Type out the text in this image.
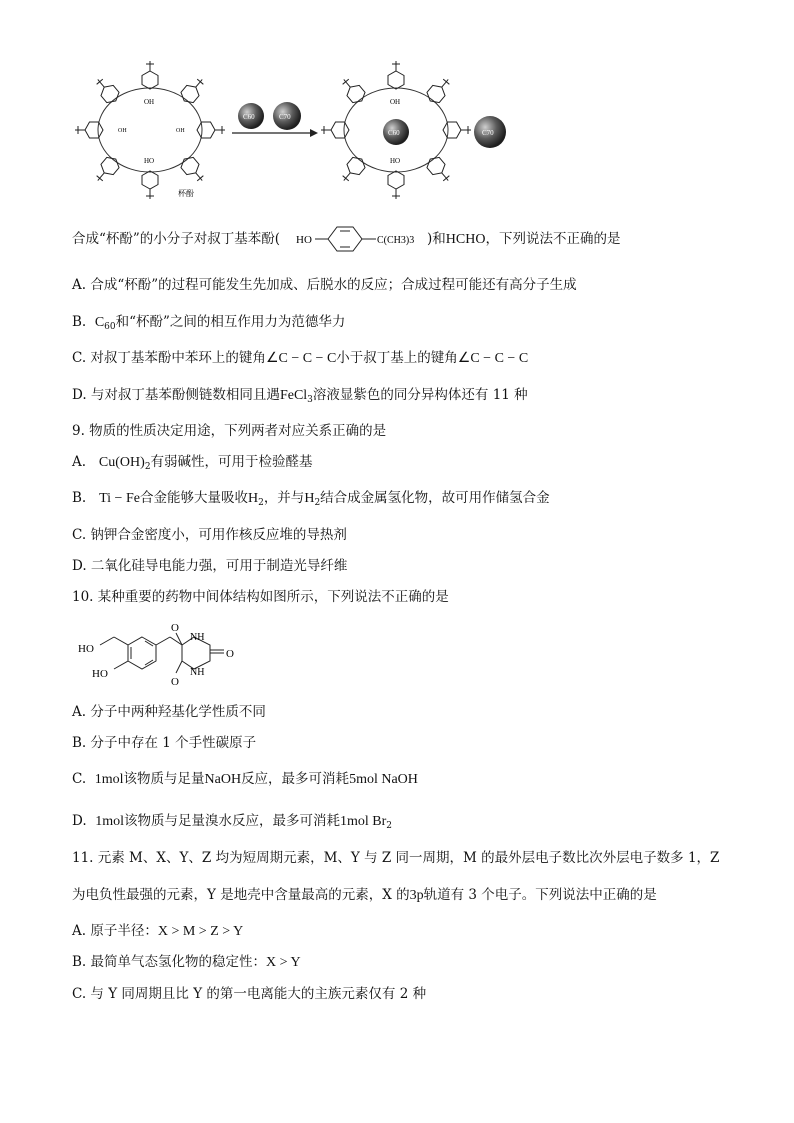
OH
HO
OH	OH
杯酚
C60	C70
OH
HO
C60	C70
合成“杯酚”的小分子对叔丁基苯酚( HO	C(CH3)3 )和HCHO，下列说法不正确的是
A. 合成“杯酚”的过程可能发生先加成、后脱水的反应；合成过程可能还有高分子生成
B. $C_{60}$和“杯酚”之间的相互作用力为范德华力
C. 对叔丁基苯酚中苯环上的键角∠C − C − C小于叔丁基上的键角∠C − C − C
D. 与对叔丁基苯酚侧链数相同且遇FeCl$_3$溶液显紫色的同分异构体还有 11 种
9. 物质的性质决定用途，下列两者对应关系正确的是
A. $Cu(OH)_2$有弱碱性，可用于检验醛基
B. Ti − Fe合金能够大量吸收$H_2$，并与$H_2$结合成金属氢化物，故可用作储氢合金
C. 钠钾合金密度小，可用作核反应堆的导热剂
D. 二氧化硅导电能力强，可用于制造光导纤维
10. 某种重要的药物中间体结构如图所示，下列说法不正确的是
HO
HO
O
O
NH
NH
O
A. 分子中两种羟基化学性质不同
B. 分子中存在 1 个手性碳原子
C. 1mol该物质与足量NaOH反应，最多可消耗5mol NaOH
D. 1mol该物质与足量溴水反应，最多可消耗1mol $Br_2$
11. 元素 M、X、Y、Z 均为短周期元素，M、Y 与 Z 同一周期，M 的最外层电子数比次外层电子数多 1，Z
为电负性最强的元素，Y 是地壳中含量最高的元素，X 的3p轨道有 3 个电子。下列说法中正确的是
A. 原子半径：X > M > Z > Y
B. 最简单气态氢化物的稳定性：X > Y
C. 与 Y 同周期且比 Y 的第一电离能大的主族元素仅有 2 种
